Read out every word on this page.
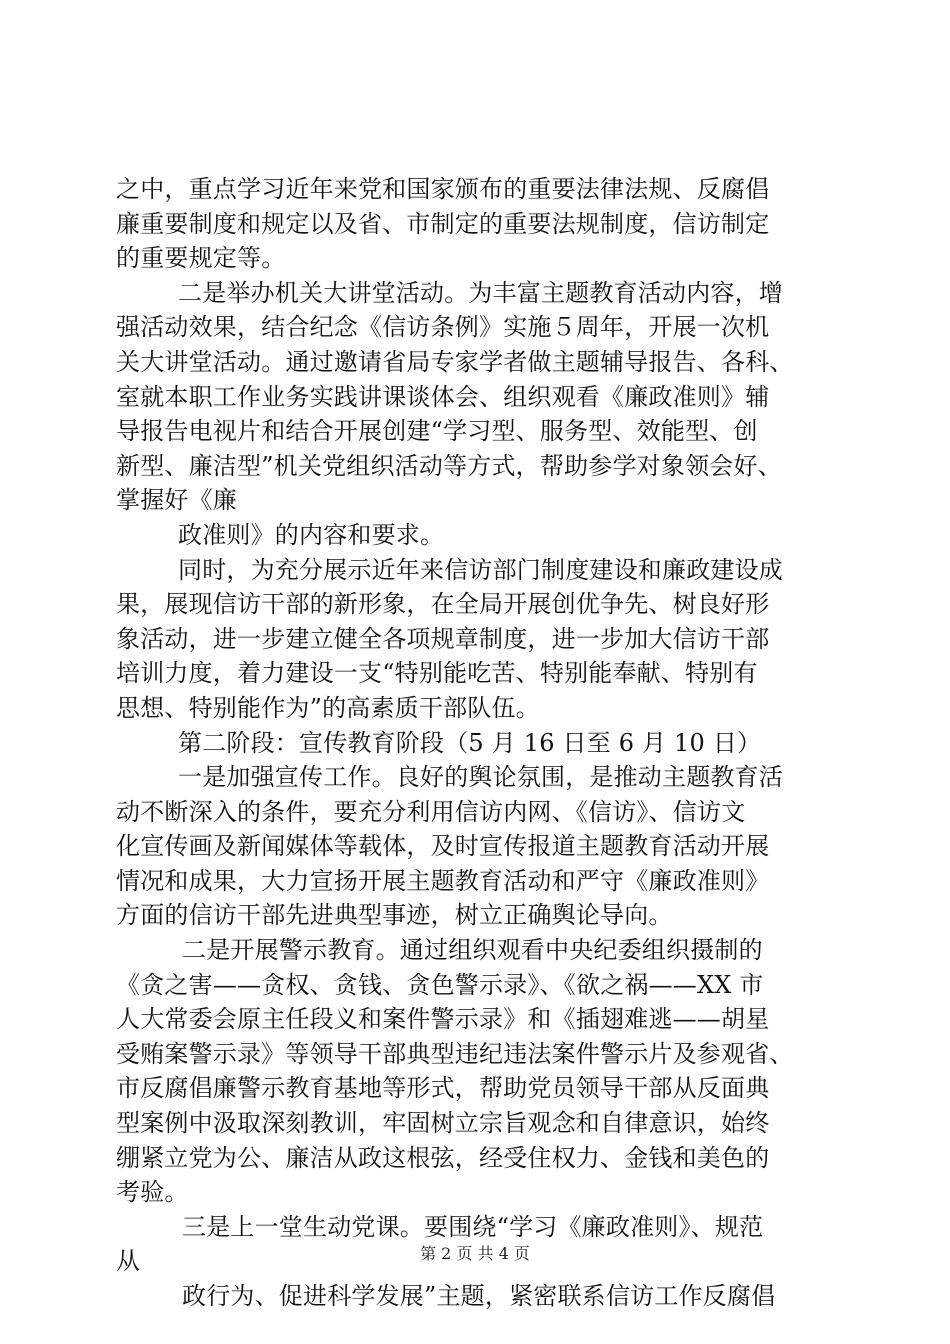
之中，重点学习近年来党和国家颁布的重要法律法规、反腐倡
廉重要制度和规定以及省、市制定的重要法规制度，信访制定
的重要规定等。
二是举办机关大讲堂活动。为丰富主题教育活动内容，增
强活动效果，结合纪念《信访条例》实施５周年，开展一次机
关大讲堂活动。通过邀请省局专家学者做主题辅导报告、各科、
室就本职工作业务实践讲课谈体会、组织观看《廉政准则》辅
导报告电视片和结合开展创建“学习型、服务型、效能型、创
新型、廉洁型”机关党组织活动等方式，帮助参学对象领会好、
掌握好《廉
政准则》的内容和要求。
同时，为充分展示近年来信访部门制度建设和廉政建设成
果，展现信访干部的新形象，在全局开展创优争先、树良好形
象活动，进一步建立健全各项规章制度，进一步加大信访干部
培训力度，着力建设一支“特别能吃苦、特别能奉献、特别有
思想、特别能作为”的高素质干部队伍。
第二阶段：宣传教育阶段（5 月 16 日至 6 月 10 日）
一是加强宣传工作。良好的舆论氛围，是推动主题教育活
动不断深入的条件，要充分利用信访内网、《信访》、信访文
化宣传画及新闻媒体等载体，及时宣传报道主题教育活动开展
情况和成果，大力宣扬开展主题教育活动和严守《廉政准则》
方面的信访干部先进典型事迹，树立正确舆论导向。
二是开展警示教育。通过组织观看中央纪委组织摄制的
《贪之害——贪权、贪钱、贪色警示录》、《欲之祸——XX 市
人大常委会原主任段义和案件警示录》和《插翅难逃——胡星
受贿案警示录》等领导干部典型违纪违法案件警示片及参观省、
市反腐倡廉警示教育基地等形式，帮助党员领导干部从反面典
型案例中汲取深刻教训，牢固树立宗旨观念和自律意识，始终
绷紧立党为公、廉洁从政这根弦，经受住权力、金钱和美色的
考验。
三是上一堂生动党课。要围绕“学习《廉政准则》、规范
从
政行为、促进科学发展”主题，紧密联系信访工作反腐倡
第 2 页 共 4 页
